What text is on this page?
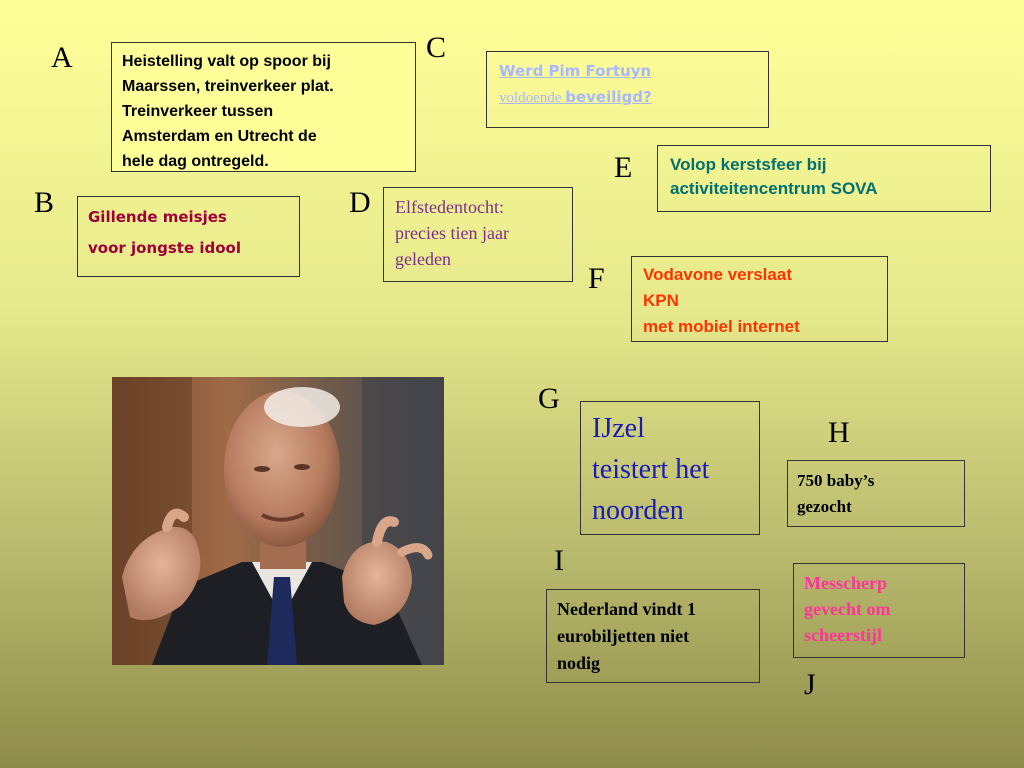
A
B
C
D
E
F
G
H
I
J
Heistelling valt op spoor bij
Maarssen, treinverkeer plat.
Treinverkeer tussen
Amsterdam en Utrecht de
hele dag ontregeld.
Werd Pim Fortuyn
voldoende beveiligd?
Volop kerstsfeer bij
activiteitencentrum SOVA
Gillende meisjes
voor jongste idool
Elfstedentocht:
precies tien jaar
geleden
Vodavone verslaat
KPN
met mobiel internet
IJzel
teistert het
noorden
750 baby’s
gezocht
Nederland vindt 1
eurobiljetten niet
nodig
Messcherp
gevecht om
scheerstijl
